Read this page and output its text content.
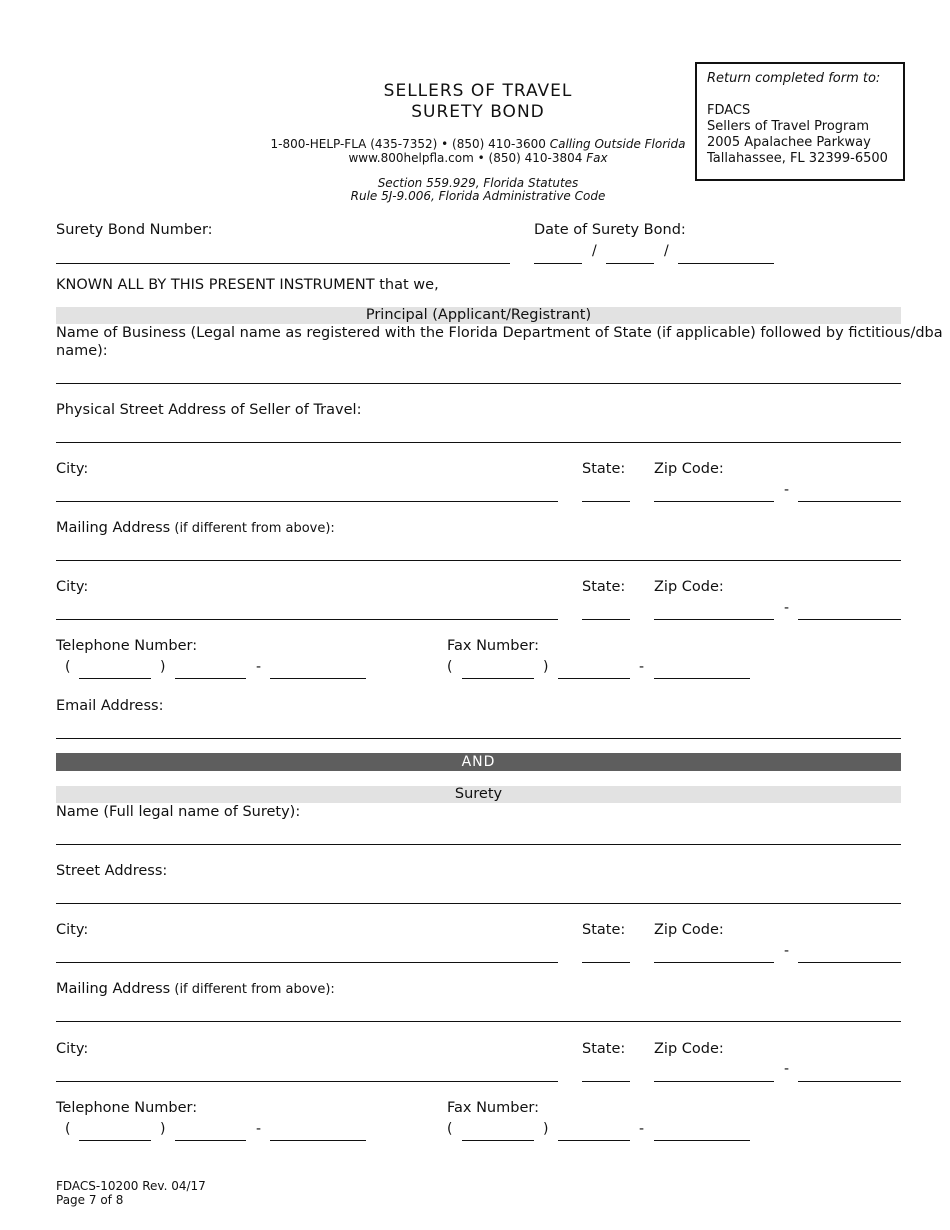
SELLERS OF TRAVEL
SURETY BOND
1-800-HELP-FLA (435-7352) • (850) 410-3600 Calling Outside Florida
www.800helpfla.com • (850) 410-3804 Fax
Section 559.929, Florida Statutes
Rule 5J-9.006, Florida Administrative Code
Return completed form to:
FDACS
Sellers of Travel Program
2005 Apalachee Parkway
Tallahassee, FL 32399-6500
Surety Bond Number:	Date of Surety Bond:
/	/
KNOWN ALL BY THIS PRESENT INSTRUMENT that we,
Principal (Applicant/Registrant)
Name of Business (Legal name as registered with the Florida Department of State (if applicable) followed by fictitious/dba
name):
Physical Street Address of Seller of Travel:
City:	State: Zip Code:
-
Mailing Address (if different from above):
City:	State: Zip Code:
-
Telephone Number:
(	)	-
Fax Number:
(	)	-
Email Address:
AND
Surety
Name (Full legal name of Surety):
Street Address:
City:	State: Zip Code:
-
Mailing Address (if different from above):
City:	State: Zip Code:
-
Telephone Number:
(	)	-
Fax Number:
(	)	-
FDACS-10200 Rev. 04/17
Page 7 of 8
